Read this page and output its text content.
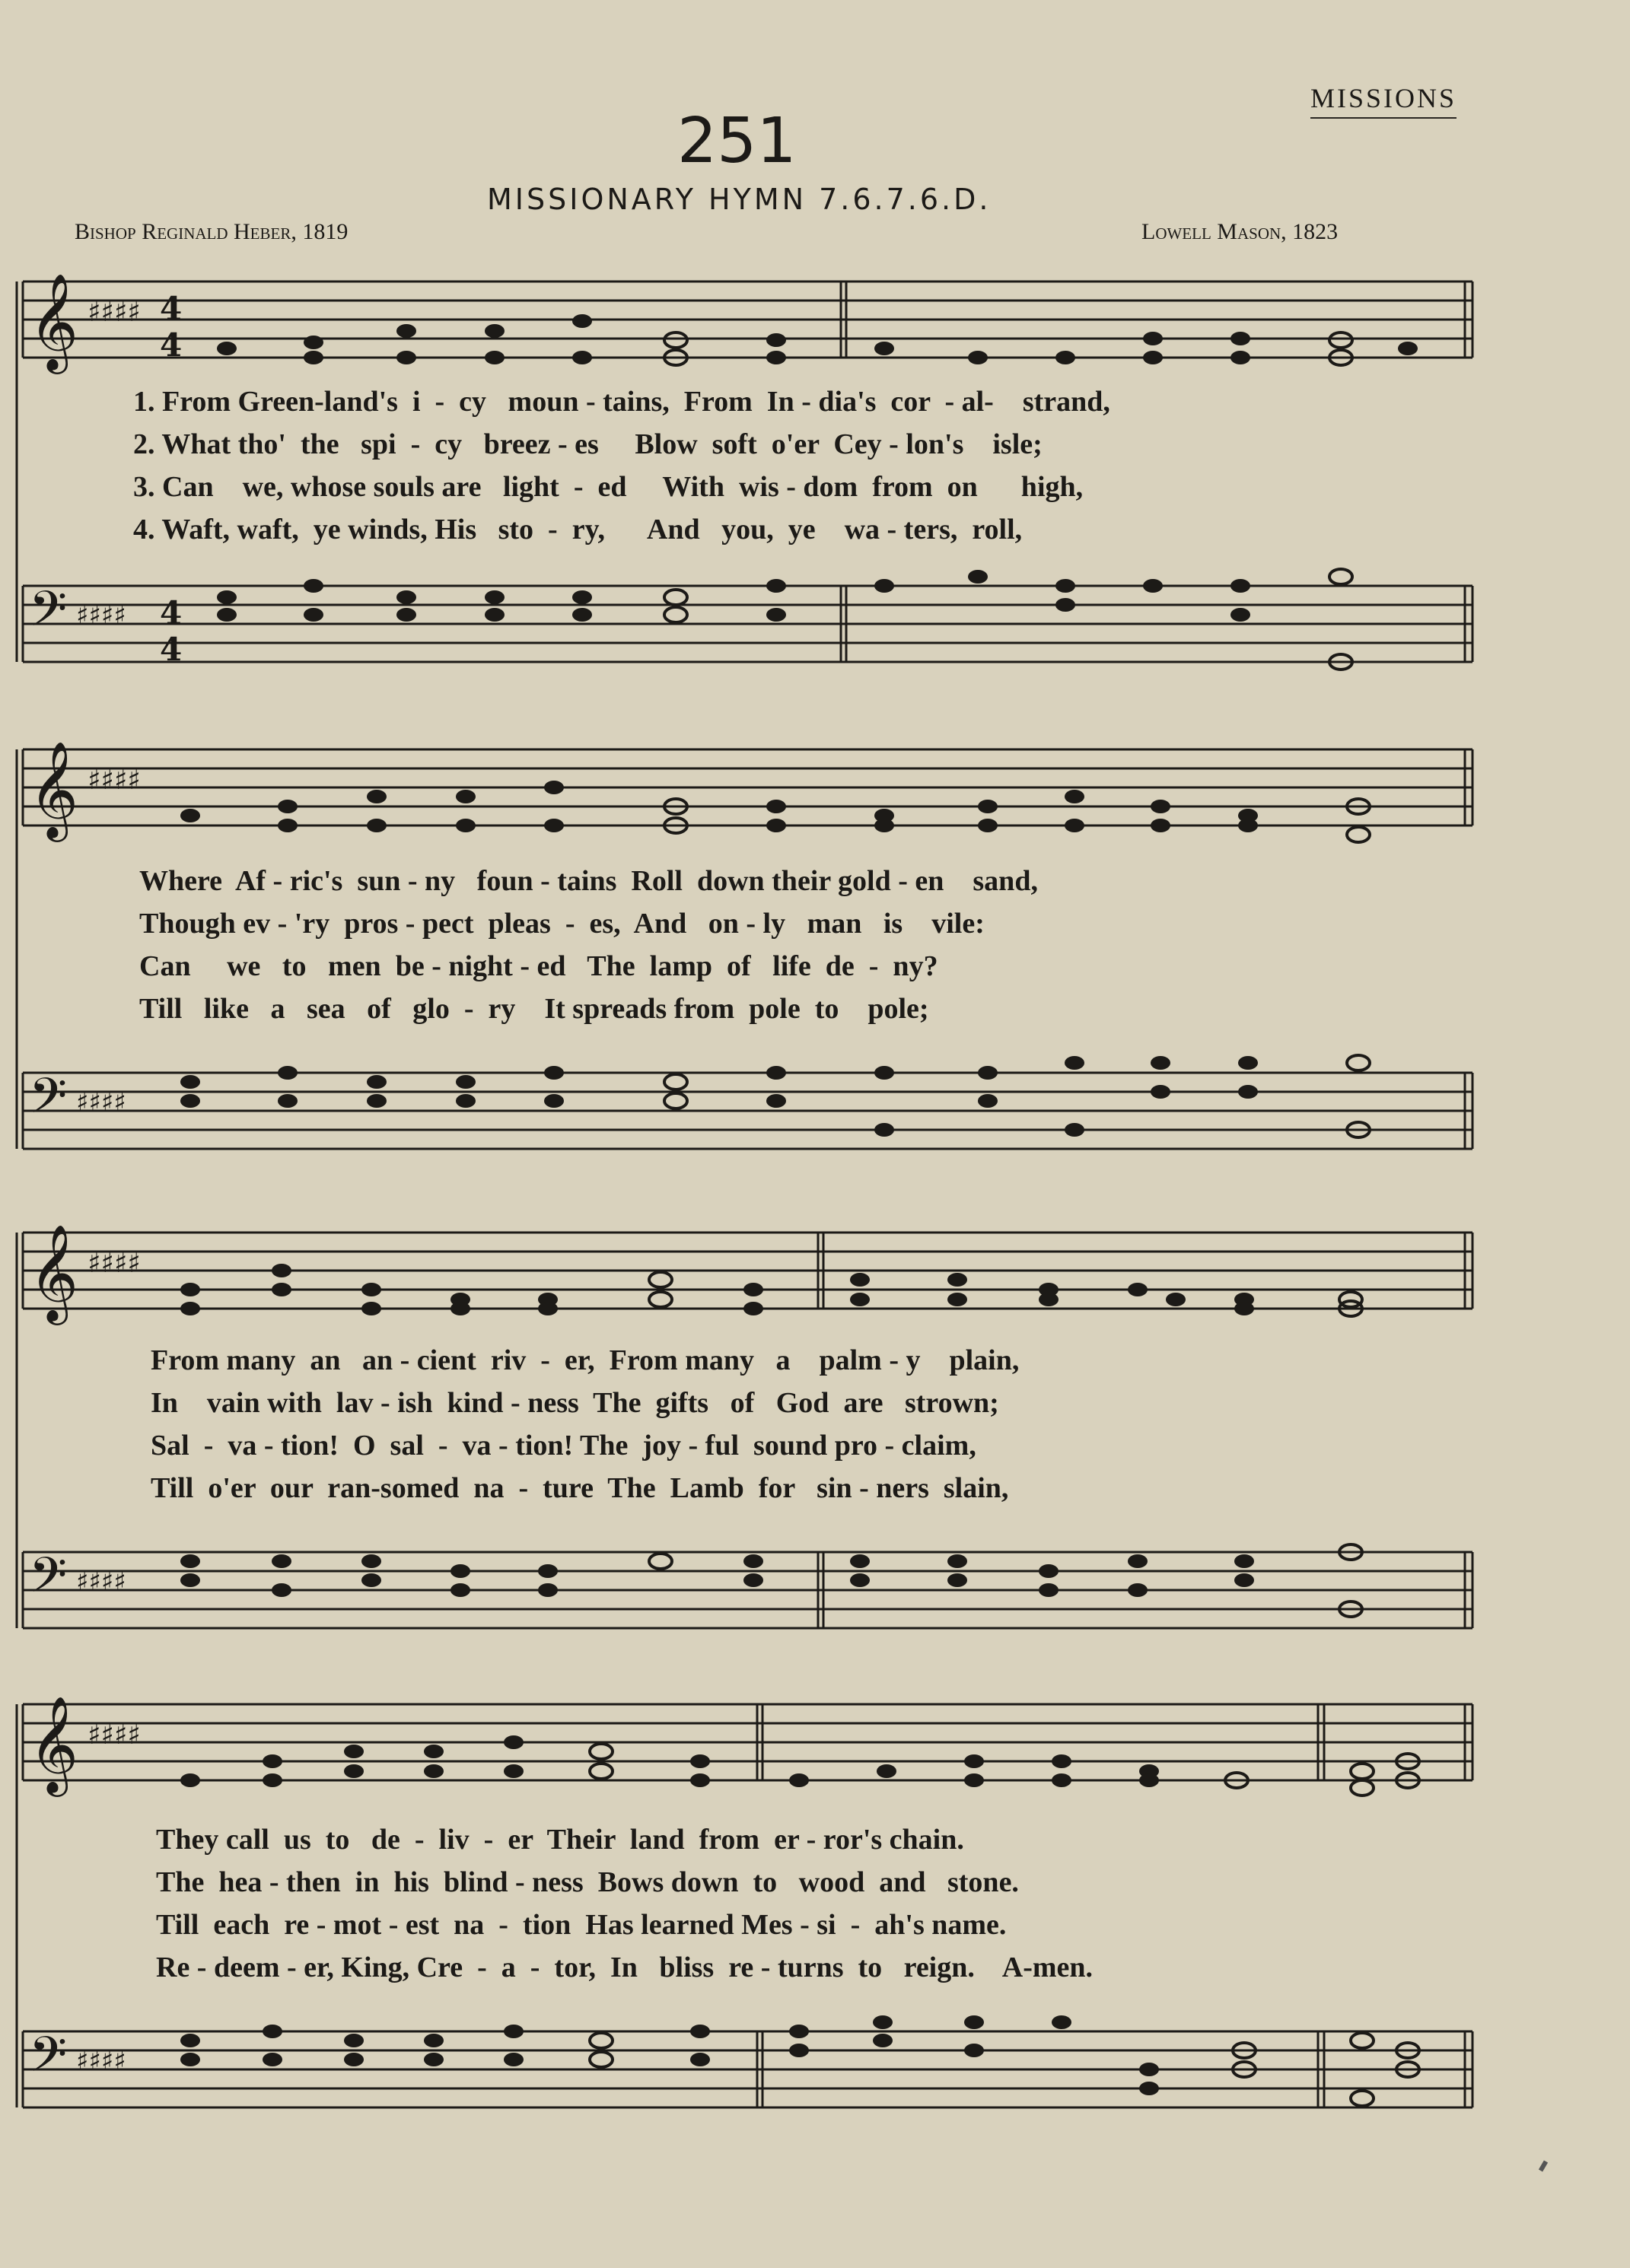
MISSIONS
251
MISSIONARY HYMN 7.6.7.6.D.
Bishop Reginald Heber, 1819	Lowell Mason, 1823
𝄞 ♯♯♯♯ 4
4
𝄢 ♯♯♯♯ 4
4
1. From Green-land's  i  -  cy   moun - tains,  From  In - dia's  cor  - al-    strand,
2. What tho'  the   spi  -  cy   breez - es     Blow  soft  o'er  Cey - lon's    isle;
3. Can    we, whose souls are   light  -  ed     With  wis - dom  from  on      high,
4. Waft, waft,  ye winds, His   sto  -  ry,      And   you,  ye    wa - ters,  roll,
𝄞 ♯♯♯♯
𝄢 ♯♯♯♯
Where  Af - ric's  sun - ny   foun - tains  Roll  down their gold - en    sand,
Though ev - 'ry  pros - pect  pleas  -  es,  And   on - ly   man   is    vile:
Can     we   to   men  be - night - ed   The  lamp  of   life  de  -  ny?
Till   like   a   sea   of   glo  -  ry    It spreads from  pole  to    pole;
𝄞 ♯♯♯♯
𝄢 ♯♯♯♯
From many  an   an - cient  riv  -  er,  From many   a    palm - y    plain,
In    vain with  lav - ish  kind - ness  The  gifts   of   God  are   strown;
Sal  -  va - tion!  O  sal  -  va - tion! The  joy - ful  sound pro - claim,
Till  o'er  our  ran-somed  na  -  ture  The  Lamb  for   sin - ners  slain,
𝄞 ♯♯♯♯
𝄢 ♯♯♯♯
They call  us  to   de  -  liv  -  er  Their  land  from  er - ror's chain.
The  hea - then  in  his  blind - ness  Bows down  to   wood  and   stone.
Till  each  re - mot - est  na  -  tion  Has learned Mes - si  -  ah's name.
Re - deem - er, King, Cre  -  a  -  tor,  In   bliss  re - turns  to   reign.    A-men.
